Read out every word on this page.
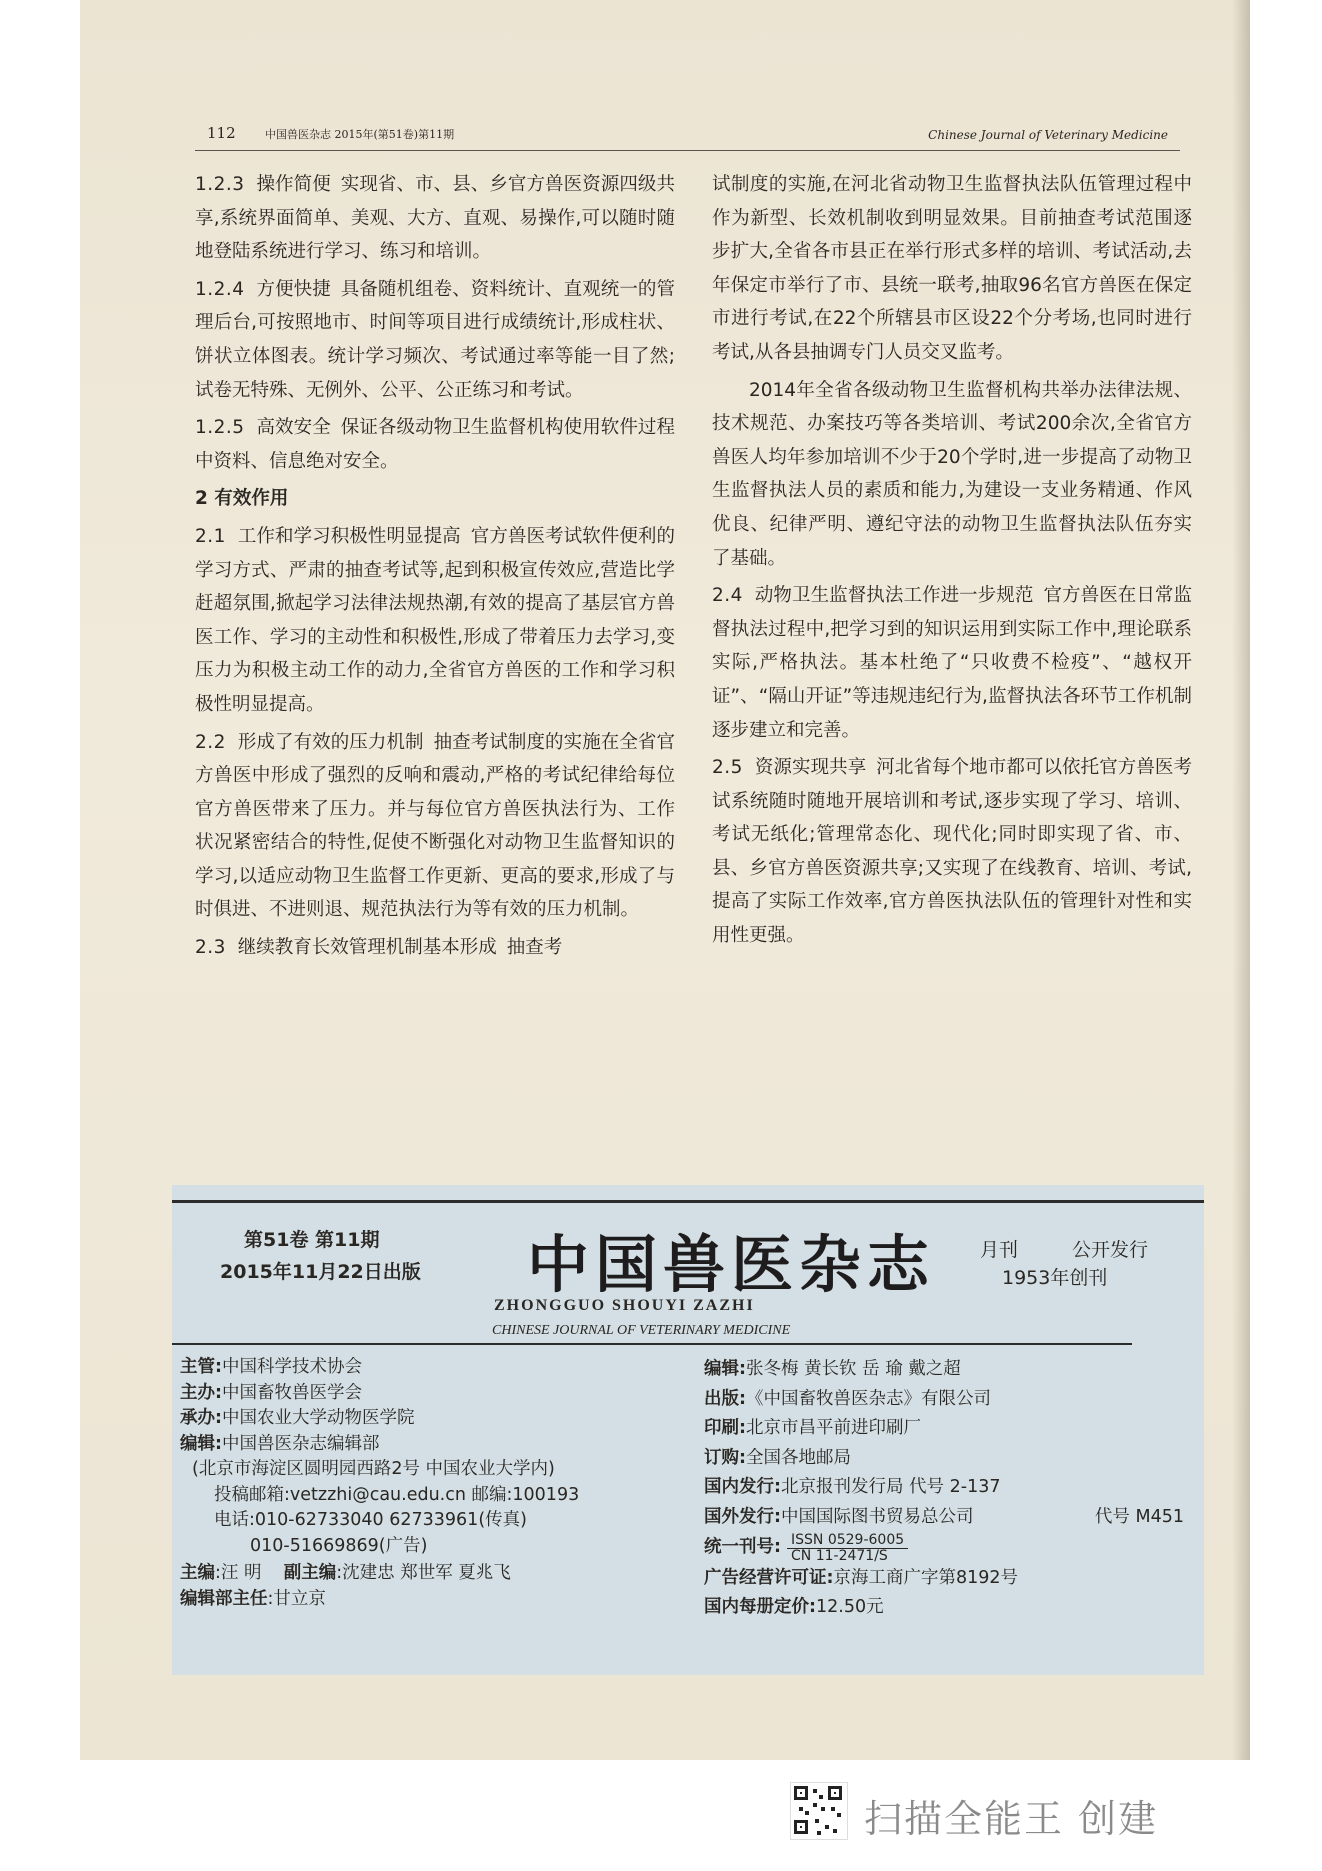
112	中国兽医杂志 2015年(第51卷)第11期	Chinese Journal of Veterinary Medicine

1.2.3 操作简便 实现省、市、县、乡官方兽医资源四级共享,系统界面简单、美观、大方、直观、易操作,可以随时随地登陆系统进行学习、练习和培训。

1.2.4 方便快捷 具备随机组卷、资料统计、直观统一的管理后台,可按照地市、时间等项目进行成绩统计,形成柱状、饼状立体图表。统计学习频次、考试通过率等能一目了然;试卷无特殊、无例外、公平、公正练习和考试。

1.2.5 高效安全 保证各级动物卫生监督机构使用软件过程中资料、信息绝对安全。

2 有效作用

2.1 工作和学习积极性明显提高 官方兽医考试软件便利的学习方式、严肃的抽查考试等,起到积极宣传效应,营造比学赶超氛围,掀起学习法律法规热潮,有效的提高了基层官方兽医工作、学习的主动性和积极性,形成了带着压力去学习,变压力为积极主动工作的动力,全省官方兽医的工作和学习积极性明显提高。

2.2 形成了有效的压力机制 抽查考试制度的实施在全省官方兽医中形成了强烈的反响和震动,严格的考试纪律给每位官方兽医带来了压力。并与每位官方兽医执法行为、工作状况紧密结合的特性,促使不断强化对动物卫生监督知识的学习,以适应动物卫生监督工作更新、更高的要求,形成了与时俱进、不进则退、规范执法行为等有效的压力机制。

2.3 继续教育长效管理机制基本形成 抽查考

试制度的实施,在河北省动物卫生监督执法队伍管理过程中作为新型、长效机制收到明显效果。目前抽查考试范围逐步扩大,全省各市县正在举行形式多样的培训、考试活动,去年保定市举行了市、县统一联考,抽取96名官方兽医在保定市进行考试,在22个所辖县市区设22个分考场,也同时进行考试,从各县抽调专门人员交叉监考。

2014年全省各级动物卫生监督机构共举办法律法规、技术规范、办案技巧等各类培训、考试200余次,全省官方兽医人均年参加培训不少于20个学时,进一步提高了动物卫生监督执法人员的素质和能力,为建设一支业务精通、作风优良、纪律严明、遵纪守法的动物卫生监督执法队伍夯实了基础。

2.4 动物卫生监督执法工作进一步规范 官方兽医在日常监督执法过程中,把学习到的知识运用到实际工作中,理论联系实际,严格执法。基本杜绝了“只收费不检疫”、“越权开证”、“隔山开证”等违规违纪行为,监督执法各环节工作机制逐步建立和完善。

2.5 资源实现共享 河北省每个地市都可以依托官方兽医考试系统随时随地开展培训和考试,逐步实现了学习、培训、考试无纸化;管理常态化、现代化;同时即实现了省、市、县、乡官方兽医资源共享;又实现了在线教育、培训、考试,提高了实际工作效率,官方兽医执法队伍的管理针对性和实用性更强。

第51卷 第11期
2015年11月22日出版 中国兽医杂志 月刊	公开发行
1953年创刊
ZHONGGUO SHOUYI ZAZHI
CHINESE JOURNAL OF VETERINARY MEDICINE
主管:中国科学技术协会
主办:中国畜牧兽医学会
承办:中国农业大学动物医学院
编辑:中国兽医杂志编辑部
(北京市海淀区圆明园西路2号 中国农业大学内)
投稿邮箱:vetzzhi@cau.edu.cn 邮编:100193
电话:010-62733040 62733961(传真)
010-51669869(广告)
主编:汪 明 副主编:沈建忠 郑世军 夏兆飞
编辑部主任:甘立京
编辑:张冬梅 黄长钦 岳 瑜 戴之超
出版:《中国畜牧兽医杂志》有限公司
印刷:北京市昌平前进印刷厂
订购:全国各地邮局
国内发行:北京报刊发行局 代号 2-137
国外发行:中国国际图书贸易总公司	代号 M451
统一刊号: ISSN 0529-6005
CN 11-2471/S
广告经营许可证:京海工商广字第8192号
国内每册定价:12.50元
扫描全能王 创建
